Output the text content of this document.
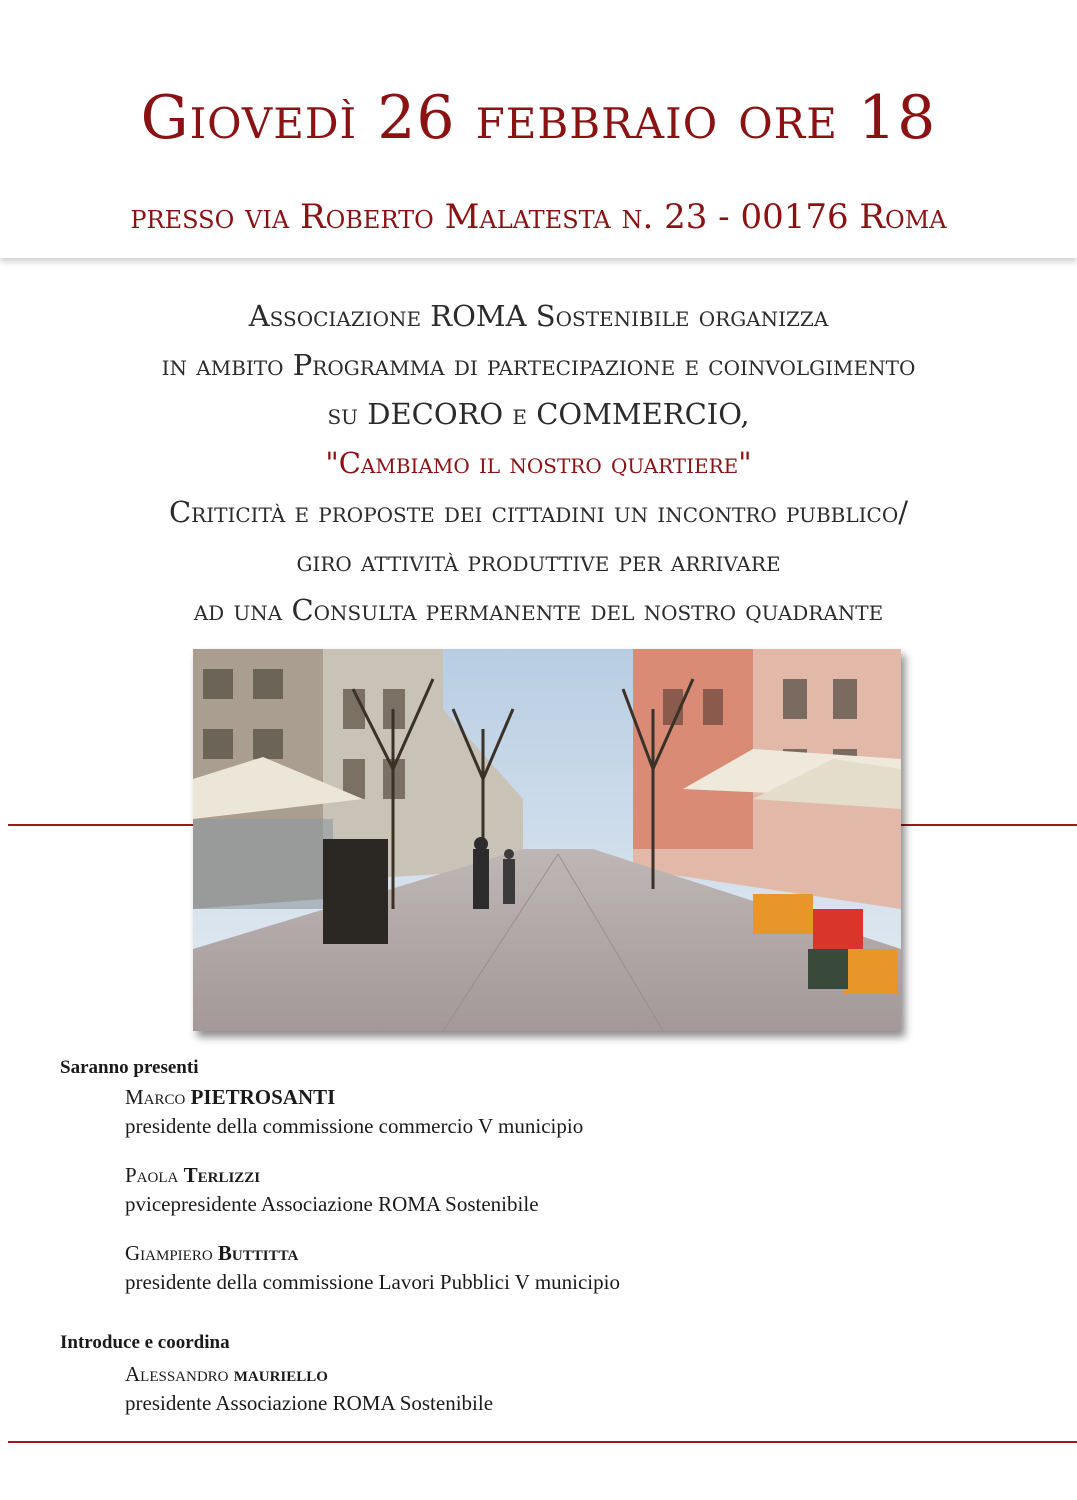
Giovedì 26 febbraio ore 18
presso via Roberto Malatesta n. 23 - 00176 Roma
Associazione ROMA Sostenibile organizza
in ambito Programma di partecipazione e coinvolgimento
su DECORO e COMMERCIO,
"Cambiamo il nostro quartiere"
Criticità e proposte dei cittadini un incontro pubblico/
giro attività produttive per arrivare
ad una Consulta permanente del nostro quadrante
Saranno presenti
Marco PIETROSANTI
presidente della commissione commercio V municipio
Paola Terlizzi
pvicepresidente Associazione ROMA Sostenibile
Giampiero Buttitta
presidente della commissione Lavori Pubblici V municipio
Introduce e coordina
Alessandro mauriello
presidente Associazione ROMA Sostenibile
